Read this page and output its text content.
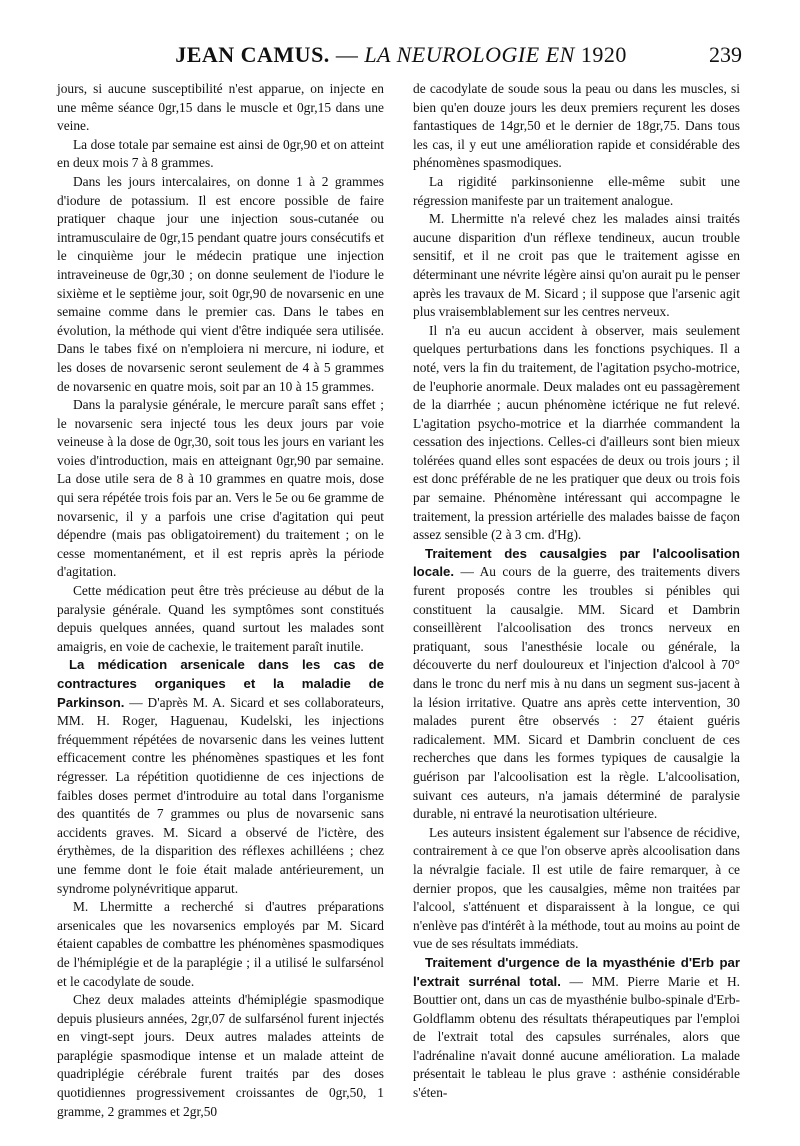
JEAN CAMUS. — LA NEUROLOGIE EN 1920	239

jours, si aucune susceptibilité n'est apparue, on injecte en une même séance 0gr,15 dans le muscle et 0gr,15 dans une veine.

La dose totale par semaine est ainsi de 0gr,90 et on atteint en deux mois 7 à 8 grammes.

Dans les jours intercalaires, on donne 1 à 2 grammes d'iodure de potassium. Il est encore possible de faire pratiquer chaque jour une injection sous-cutanée ou intramusculaire de 0gr,15 pendant quatre jours consécutifs et le cinquième jour le médecin pratique une injection intraveineuse de 0gr,30 ; on donne seulement de l'iodure le sixième et le septième jour, soit 0gr,90 de novarsenic en une semaine comme dans le premier cas. Dans le tabes en évolution, la méthode qui vient d'être indiquée sera utilisée. Dans le tabes fixé on n'emploiera ni mercure, ni iodure, et les doses de novarsenic seront seulement de 4 à 5 grammes de novarsenic en quatre mois, soit par an 10 à 15 grammes.

Dans la paralysie générale, le mercure paraît sans effet ; le novarsenic sera injecté tous les deux jours par voie veineuse à la dose de 0gr,30, soit tous les jours en variant les voies d'introduction, mais en atteignant 0gr,90 par semaine. La dose utile sera de 8 à 10 grammes en quatre mois, dose qui sera répétée trois fois par an. Vers le 5e ou 6e gramme de novarsenic, il y a parfois une crise d'agitation qui peut dépendre (mais pas obligatoirement) du traitement ; on le cesse momentanément, et il est repris après la période d'agitation.

Cette médication peut être très précieuse au début de la paralysie générale. Quand les symptômes sont constitués depuis quelques années, quand surtout les malades sont amaigris, en voie de cachexie, le traitement paraît inutile.

La médication arsenicale dans les cas de contractures organiques et la maladie de Parkinson. — D'après M. A. Sicard et ses collaborateurs, MM. H. Roger, Haguenau, Kudelski, les injections fréquemment répétées de novarsenic dans les veines luttent efficacement contre les phénomènes spastiques et les font régresser. La répétition quotidienne de ces injections de faibles doses permet d'introduire au total dans l'organisme des quantités de 7 grammes ou plus de novarsenic sans accidents graves. M. Sicard a observé de l'ictère, des érythèmes, de la disparition des réflexes achilléens ; chez une femme dont le foie était malade antérieurement, un syndrome polynévritique apparut.

M. Lhermitte a recherché si d'autres préparations arsenicales que les novarsenics employés par M. Sicard étaient capables de combattre les phénomènes spasmodiques de l'hémiplégie et de la paraplégie ; il a utilisé le sulfarsénol et le cacodylate de soude.

Chez deux malades atteints d'hémiplégie spasmodique depuis plusieurs années, 2gr,07 de sulfarsénol furent injectés en vingt-sept jours. Deux autres malades atteints de paraplégie spasmodique intense et un malade atteint de quadriplégie cérébrale furent traités par des doses quotidiennes progressivement croissantes de 0gr,50, 1 gramme, 2 grammes et 2gr,50

de cacodylate de soude sous la peau ou dans les muscles, si bien qu'en douze jours les deux premiers reçurent les doses fantastiques de 14gr,50 et le dernier de 18gr,75. Dans tous les cas, il y eut une amélioration rapide et considérable des phénomènes spasmodiques.

La rigidité parkinsonienne elle-même subit une régression manifeste par un traitement analogue.

M. Lhermitte n'a relevé chez les malades ainsi traités aucune disparition d'un réflexe tendineux, aucun trouble sensitif, et il ne croit pas que le traitement agisse en déterminant une névrite légère ainsi qu'on aurait pu le penser après les travaux de M. Sicard ; il suppose que l'arsenic agit plus vraisemblablement sur les centres nerveux.

Il n'a eu aucun accident à observer, mais seulement quelques perturbations dans les fonctions psychiques. Il a noté, vers la fin du traitement, de l'agitation psycho-motrice, de l'euphorie anormale. Deux malades ont eu passagèrement de la diarrhée ; aucun phénomène ictérique ne fut relevé. L'agitation psycho-motrice et la diarrhée commandent la cessation des injections. Celles-ci d'ailleurs sont bien mieux tolérées quand elles sont espacées de deux ou trois jours ; il est donc préférable de ne les pratiquer que deux ou trois fois par semaine. Phénomène intéressant qui accompagne le traitement, la pression artérielle des malades baisse de façon assez sensible (2 à 3 cm. d'Hg).

Traitement des causalgies par l'alcoolisation locale. — Au cours de la guerre, des traitements divers furent proposés contre les troubles si pénibles qui constituent la causalgie. MM. Sicard et Dambrin conseillèrent l'alcoolisation des troncs nerveux en pratiquant, sous l'anesthésie locale ou générale, la découverte du nerf douloureux et l'injection d'alcool à 70° dans le tronc du nerf mis à nu dans un segment sus-jacent à la lésion irritative. Quatre ans après cette intervention, 30 malades purent être observés : 27 étaient guéris radicalement. MM. Sicard et Dambrin concluent de ces recherches que dans les formes typiques de causalgie la guérison par l'alcoolisation est la règle. L'alcoolisation, suivant ces auteurs, n'a jamais déterminé de paralysie durable, ni entravé la neurotisation ultérieure.

Les auteurs insistent également sur l'absence de récidive, contrairement à ce que l'on observe après alcoolisation dans la névralgie faciale. Il est utile de faire remarquer, à ce dernier propos, que les causalgies, même non traitées par l'alcool, s'atténuent et disparaissent à la longue, ce qui n'enlève pas d'intérêt à la méthode, tout au moins au point de vue de ses résultats immédiats.

Traitement d'urgence de la myasthénie d'Erb par l'extrait surrénal total. — MM. Pierre Marie et H. Bouttier ont, dans un cas de myasthénie bulbo-spinale d'Erb-Goldflamm obtenu des résultats thérapeutiques par l'emploi de l'extrait total des capsules surrénales, alors que l'adrénaline n'avait donné aucune amélioration. La malade présentait le tableau le plus grave : asthénie considérable s'éten-
